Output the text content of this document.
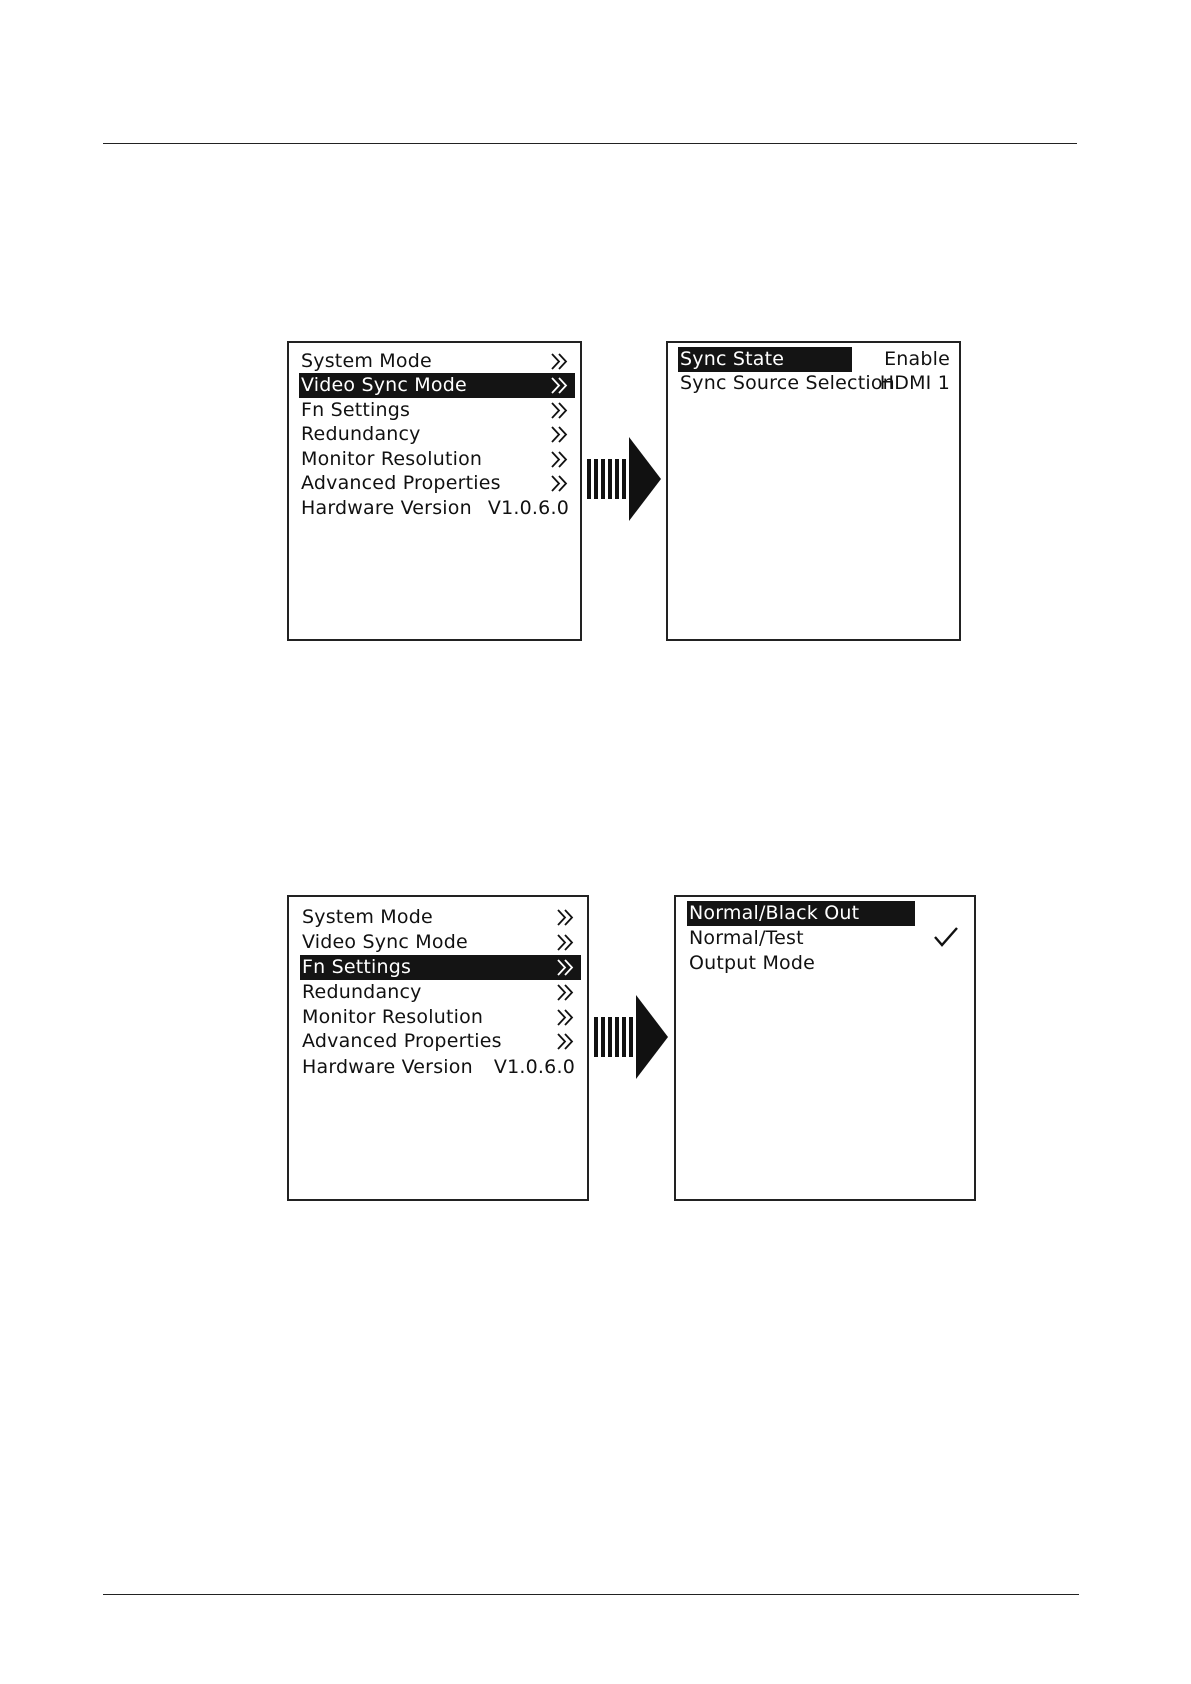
System Mode
Video Sync Mode
Fn Settings
Redundancy
Monitor Resolution
Advanced Properties
Hardware Version V1.0.6.0
Sync State	Enable
Sync Source Selection
HDMI 1
System Mode
Video Sync Mode
Fn Settings
Redundancy
Monitor Resolution
Advanced Properties
Hardware Version V1.0.6.0
Normal/Black Out
Normal/Test
Output Mode
